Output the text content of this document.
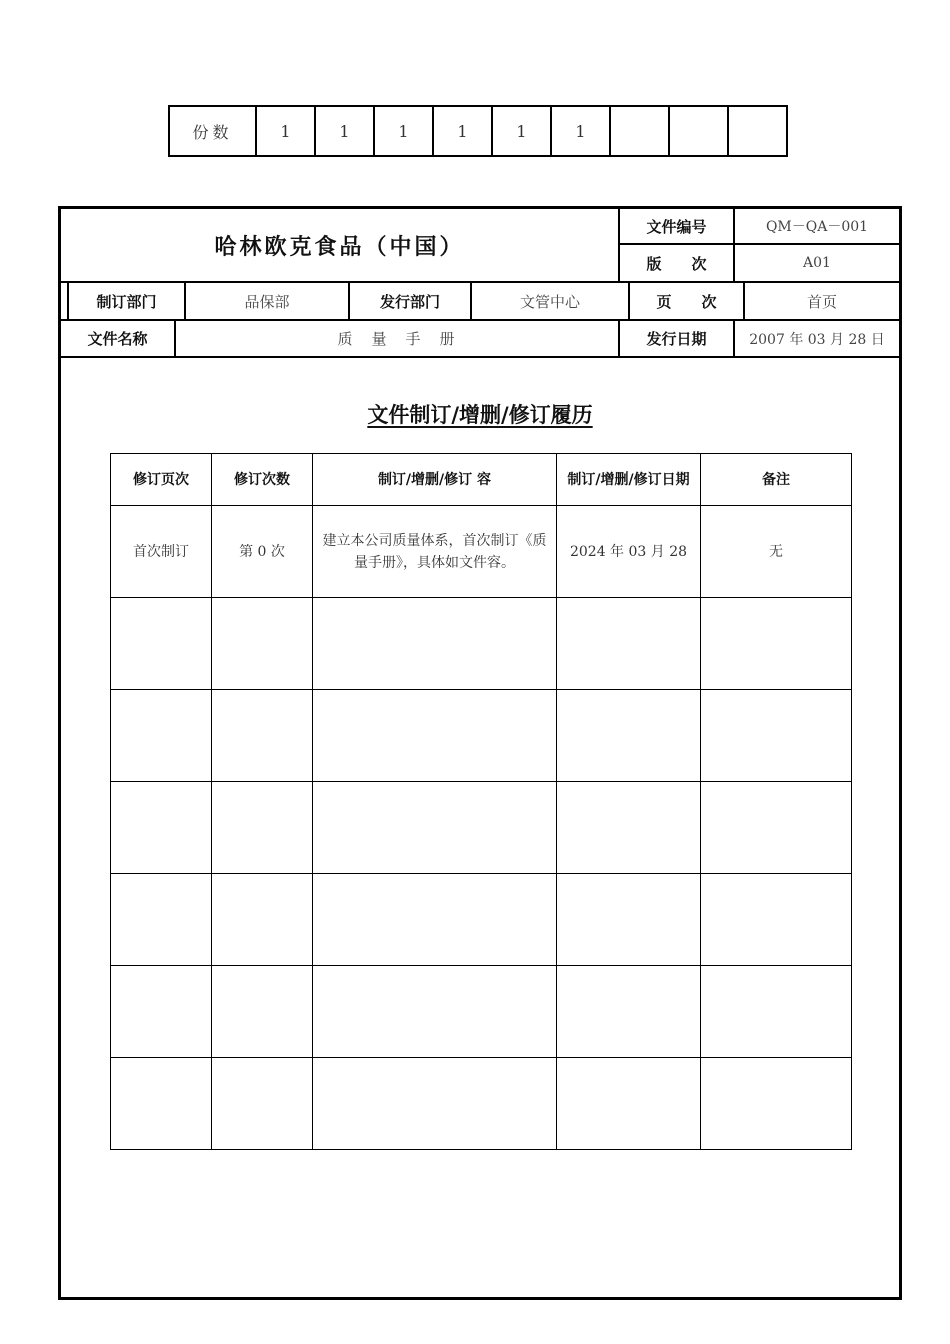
份数	1	1	1	1	1	1			
哈林欧克食品（中国）
文件编号	QM－QA－001
版　　次	A01
制订部门	品保部	发行部门	文管中心	页　　次	首页
文件名称	质　量　手　册	发行日期	2007 年 03 月 28 日
文件制订/增删/修订履历
修订页次	修订次数	制订/增删/修订 容	制订/增删/修订日期	备注
首次制订	第 0 次	建立本公司质量体系，首次制订《质量手册》，具体如文件容。	2024 年 03 月 28	无
